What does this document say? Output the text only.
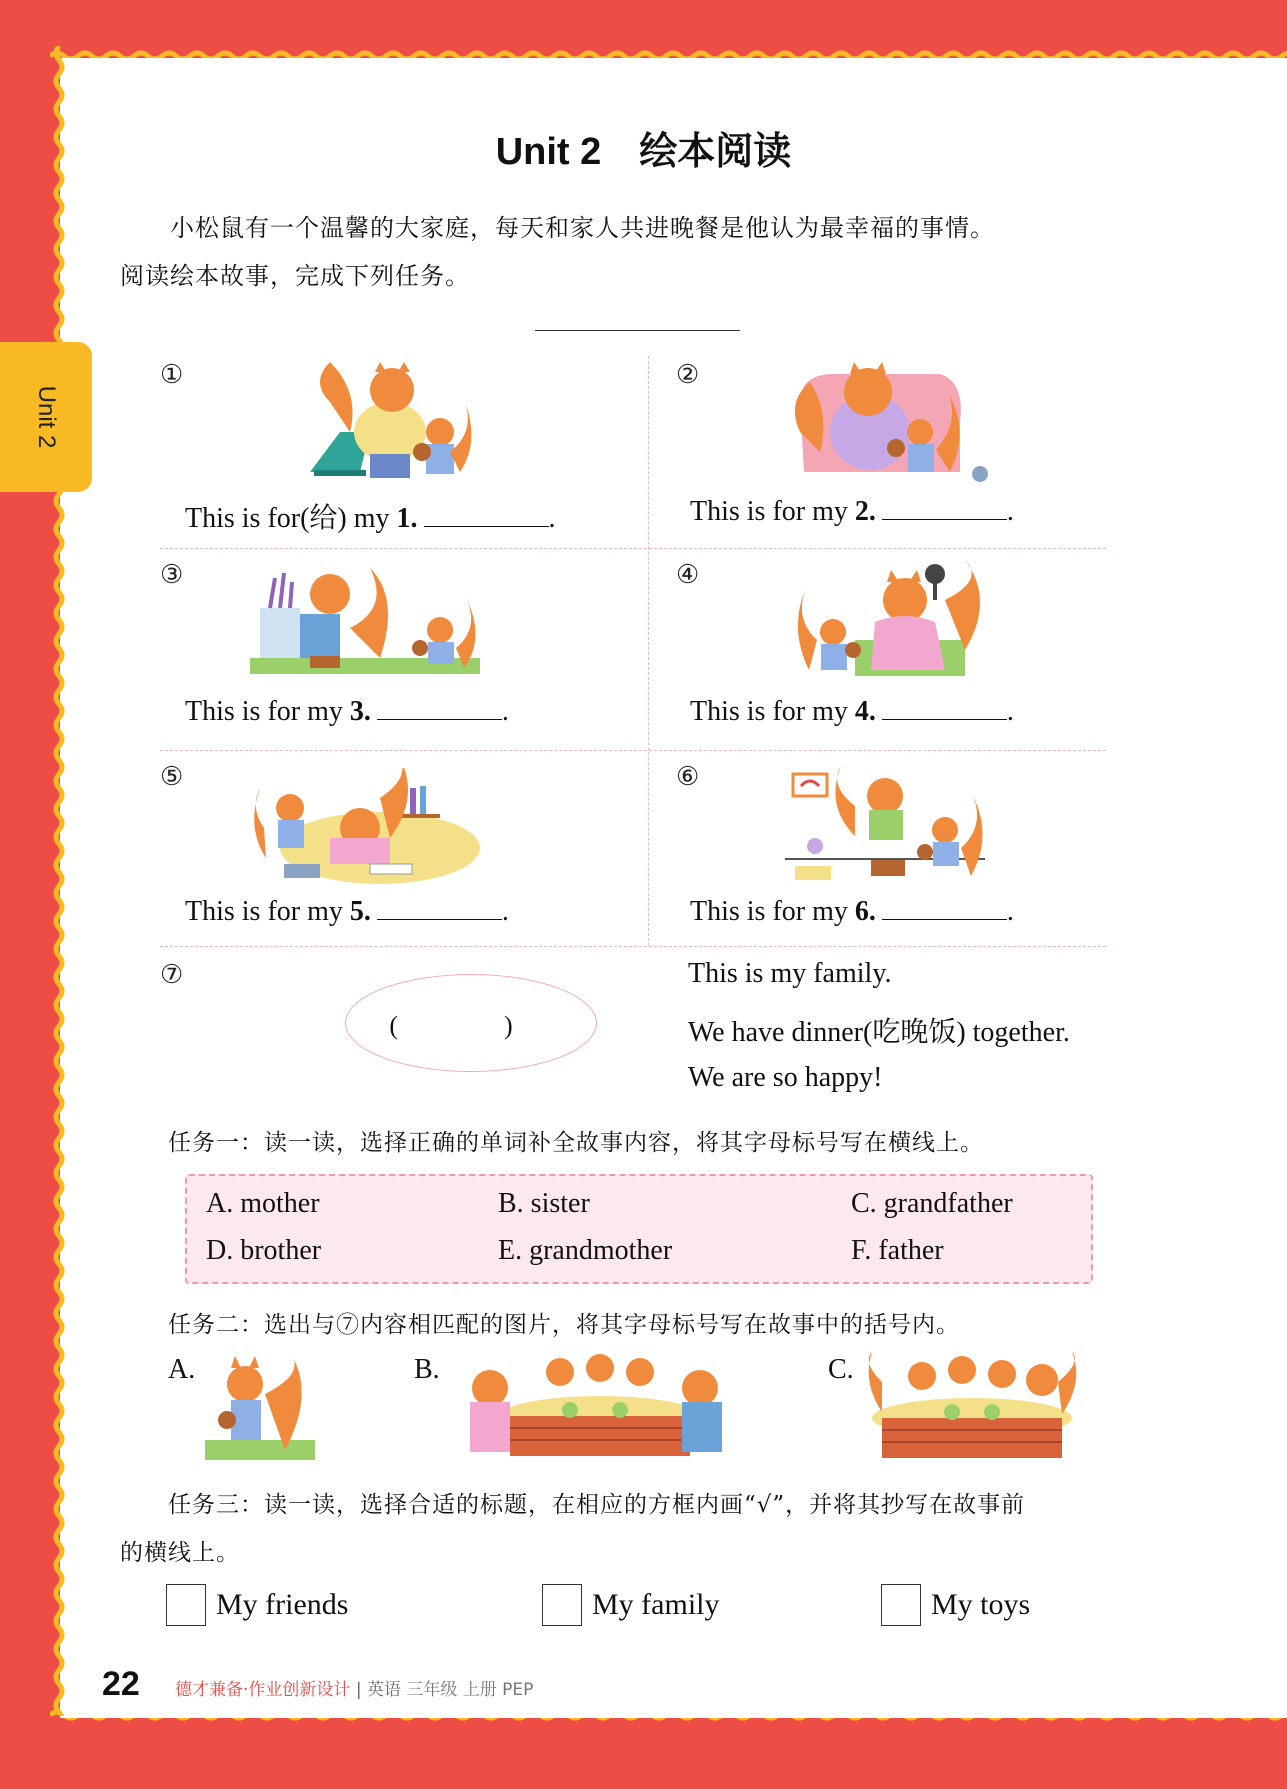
Unit 2
Unit 2　绘本阅读
小松鼠有一个温馨的大家庭，每天和家人共进晚餐是他认为最幸福的事情。
阅读绘本故事，完成下列任务。
①
This is for(给) my 1.	.
②
This is for my 2.	.
③
This is for my 3.	.
④
This is for my 4.	.
⑤
This is for my 5.	.
⑥
This is for my 6.	.
⑦
(　)
This is my family.
We have dinner(吃晚饭) together.
We are so happy!
任务一：读一读，选择正确的单词补全故事内容，将其字母标号写在横线上。
A. mother	B. sister	C. grandfather
D. brother	E. grandmother	F. father
任务二：选出与⑦内容相匹配的图片，将其字母标号写在故事中的括号内。
A.	B.	C.
任务三：读一读，选择合适的标题，在相应的方框内画“√”，并将其抄写在故事前
的横线上。
My friends	My family	My toys
22 德才兼备·作业创新设计 | 英语 三年级 上册 PEP
